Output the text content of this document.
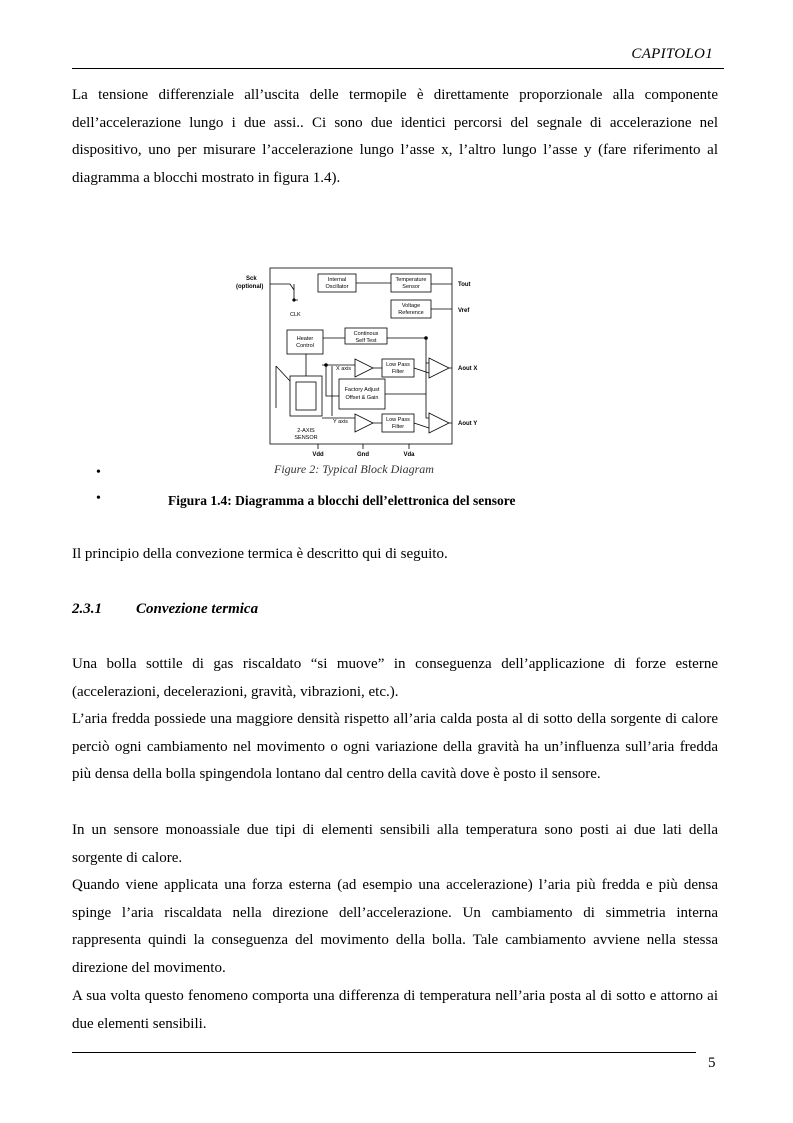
CAPITOLO1

La tensione differenziale all’uscita delle termopile è direttamente proporzionale alla componente dell’accelerazione lungo i due assi.. Ci sono due identici percorsi del segnale di accelerazione nel dispositivo, uno per misurare l’accelerazione lungo l’asse x, l’altro lungo l’asse y (fare riferimento al diagramma a blocchi mostrato in figura 1.4).

Sck
(optional)
Internal
Oscillator
Temperature
Sensor	Tout
Voltage
Reference	Vref
CLK
Heater
Control
Continous
Self Test
X axis
Y axis
Low Pass
Filter
Low Pass
Filter
Aout X
Aout Y
Factory Adjust
Offset & Gain
2-AXIS
SENSOR
Vdd	Gnd	Vda
Figure 2: Typical Block Diagram
•
•	Figura 1.4: Diagramma a blocchi dell’elettronica del sensore

Il principio della convezione termica è descritto qui di seguito.

2.3.1 Convezione termica

Una bolla sottile di gas riscaldato “si muove” in conseguenza dell’applicazione di forze esterne (accelerazioni, decelerazioni, gravità, vibrazioni, etc.).

L’aria fredda possiede una maggiore densità rispetto all’aria calda posta al di sotto della sorgente di calore perciò ogni cambiamento nel movimento o ogni variazione della gravità ha un’influenza sull’aria fredda più densa della bolla spingendola lontano dal centro della cavità dove è posto il sensore.

In un sensore monoassiale due tipi di elementi sensibili alla temperatura sono posti ai due lati della sorgente di calore.

Quando viene applicata una forza esterna (ad esempio una accelerazione) l’aria più fredda e più densa spinge l’aria riscaldata nella direzione dell’accelerazione. Un cambiamento di simmetria interna rappresenta quindi la conseguenza del movimento della bolla. Tale cambiamento avviene nella stessa direzione del movimento.

A sua volta questo fenomeno comporta una differenza di temperatura nell’aria posta al di sotto e attorno ai due elementi sensibili.

5
